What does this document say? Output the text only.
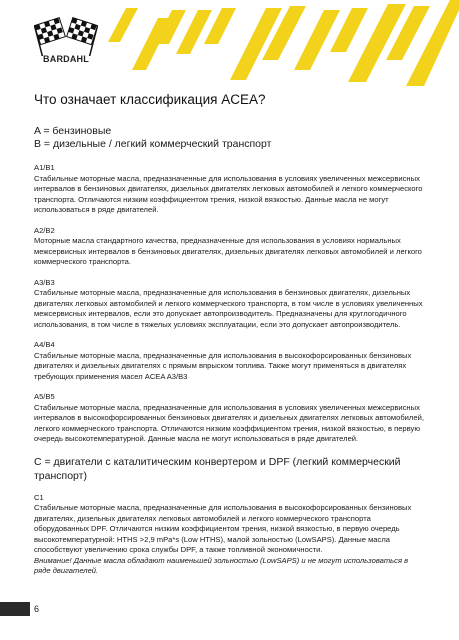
BARDAHL
Что означает классификация ACEA?
A = бензиновые
B = дизельные / легкий коммерческий транспорт
A1/B1
Стабильные моторные масла, предназначенные для использования в условиях увеличенных межсервисных интервалов в бензиновых двигателях, дизельных двигателях легковых автомобилей и легкого коммерческого транспорта. Отличаются низким коэффициентом трения, низкой вязкостью. Данные масла не могут использоваться в ряде двигателей.
A2/B2
Моторные масла стандартного качества, предназначенные для использования в условиях нормальных межсервисных интервалов в бензиновых двигателях, дизельных двигателях легковых автомобилей и легкого коммерческого транспорта.
A3/B3
Стабильные моторные масла, предназначенные для использования в бензиновых двигателях, дизельных двигателях легковых автомобилей и легкого коммерческого транспорта, в том числе в условиях увеличенных межсервисных интервалов, если это допускает автопроизводитель. Предназначены для круглогодичного использования, в том числе в тяжелых условиях эксплуатации, если это допускает автопроизводитель.
A4/B4
Стабильные моторные масла, предназначенные для использования в высокофорсированных бензиновых двигателях и дизельных двигателях с прямым впрыском топлива. Также могут применяться в двигателях требующих применения масел ACEA A3/B3
A5/B5
Стабильные моторные масла, предназначенные для использования в условиях увеличенных межсервисных интервалов в высокофорсированных бензиновых двигателях и дизельных двигателях легковых автомобилей, легкого коммерческого транспорта. Отличаются низким коэффициентом трения, низкой вязкостью, в первую очередь высокотемпературной. Данные масла не могут использоваться в ряде двигателей.
C = двигатели с каталитическим конвертером и DPF (легкий коммерческий транспорт)
C1
Стабильные моторные масла, предназначенные для использования в высокофорсированных бензиновых двигателях, дизельных двигателях легковых автомобилей и легкого коммерческого транспорта оборудованных DPF. Отличаются низким коэффициентом трения, низкой вязкостью, в первую очередь высокотемпературной: HTHS >2,9 mPa*s (Low HTHS), малой зольностью (LowSAPS). Данные масла способствуют увеличению срока службы DPF, а также топливной экономичности.
Внимание! Данные масла обладают наименьшей зольностью (LowSAPS) и не могут использоваться в ряде двигателей.
6
